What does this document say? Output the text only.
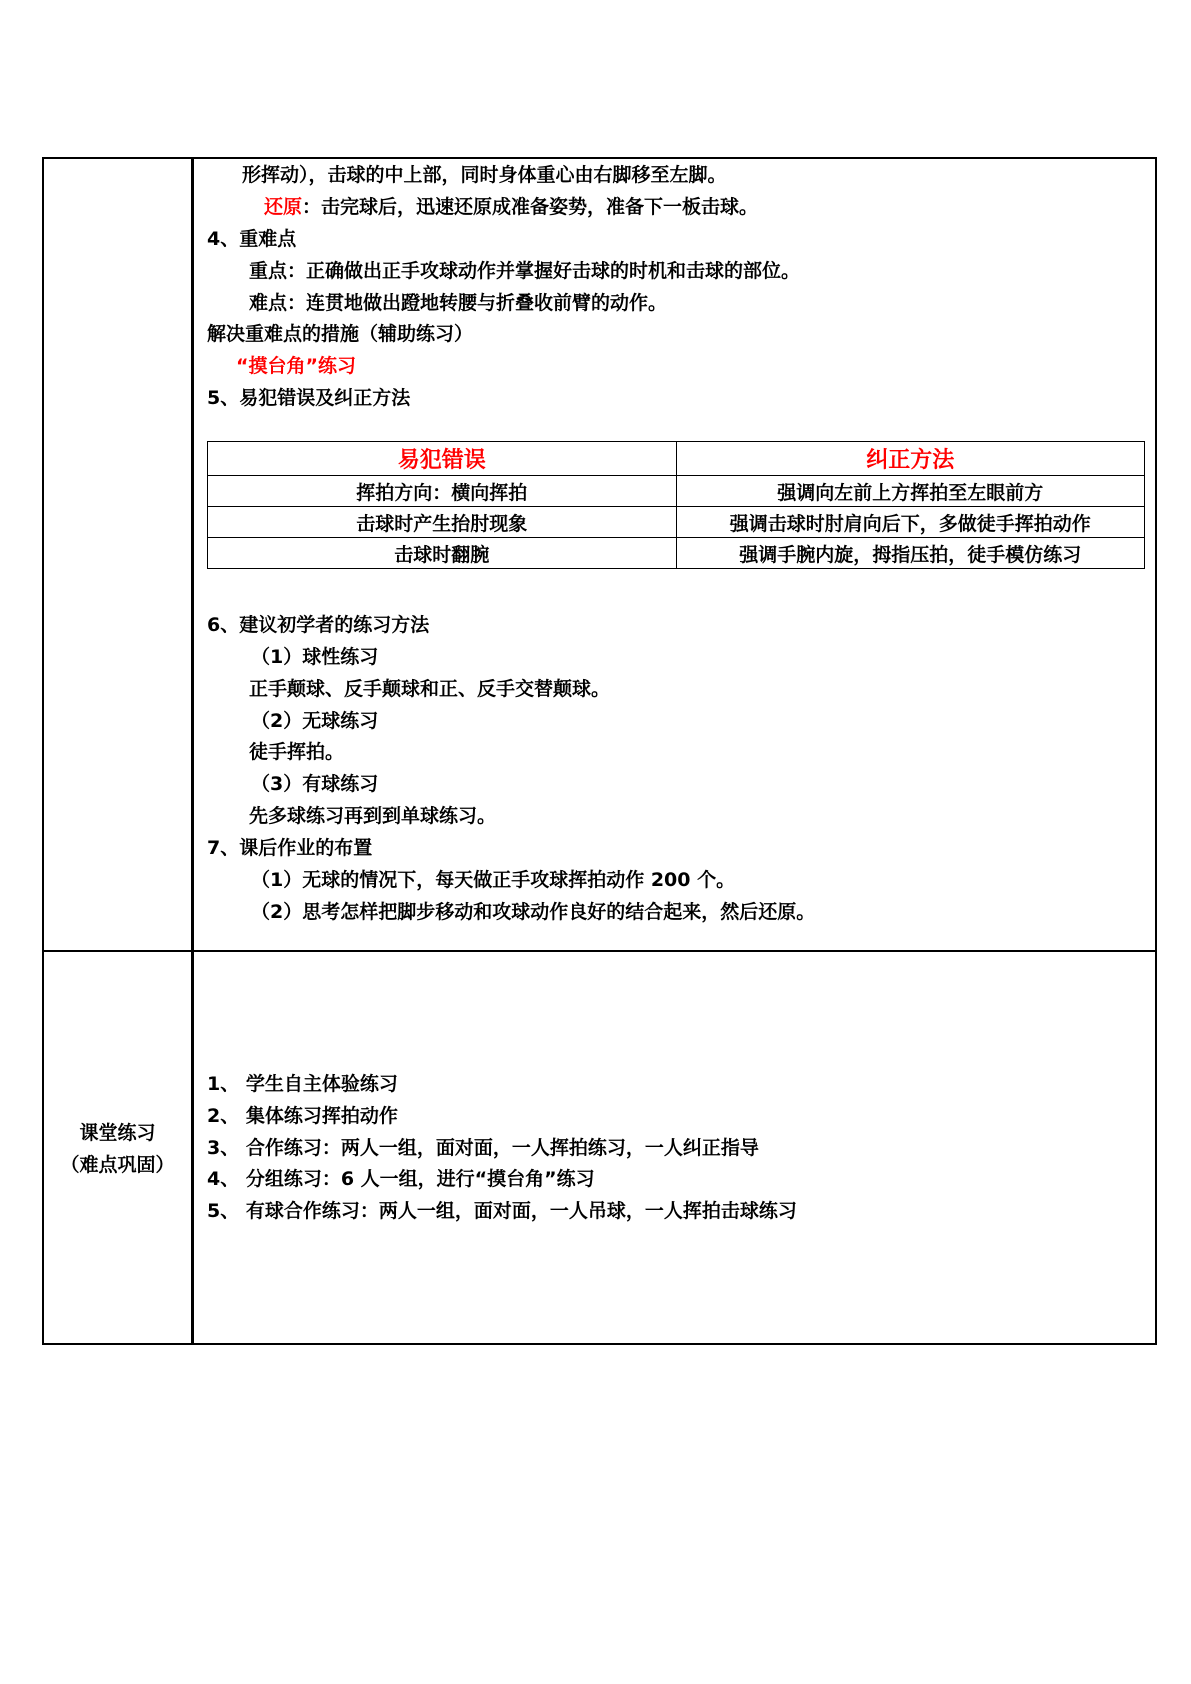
形挥动），击球的中上部，同时身体重心由右脚移至左脚。
还原：击完球后，迅速还原成准备姿势，准备下一板击球。
4、重难点
重点：正确做出正手攻球动作并掌握好击球的时机和击球的部位。
难点：连贯地做出蹬地转腰与折叠收前臂的动作。
解决重难点的措施（辅助练习）
“摸台角”练习
5、易犯错误及纠正方法
易犯错误	纠正方法
挥拍方向：横向挥拍	强调向左前上方挥拍至左眼前方
击球时产生抬肘现象	强调击球时肘肩向后下，多做徒手挥拍动作
击球时翻腕	强调手腕内旋，拇指压拍，徒手模仿练习
6、建议初学者的练习方法
（1）球性练习
正手颠球、反手颠球和正、反手交替颠球。
（2）无球练习
徒手挥拍。
（3）有球练习
先多球练习再到到单球练习。
7、课后作业的布置
（1）无球的情况下，每天做正手攻球挥拍动作 200 个。
（2）思考怎样把脚步移动和攻球动作良好的结合起来，然后还原。
课堂练习
（难点巩固）
1、 学生自主体验练习
2、 集体练习挥拍动作
3、 合作练习：两人一组，面对面，一人挥拍练习，一人纠正指导
4、 分组练习：6 人一组，进行“摸台角”练习
5、 有球合作练习：两人一组，面对面，一人吊球，一人挥拍击球练习
